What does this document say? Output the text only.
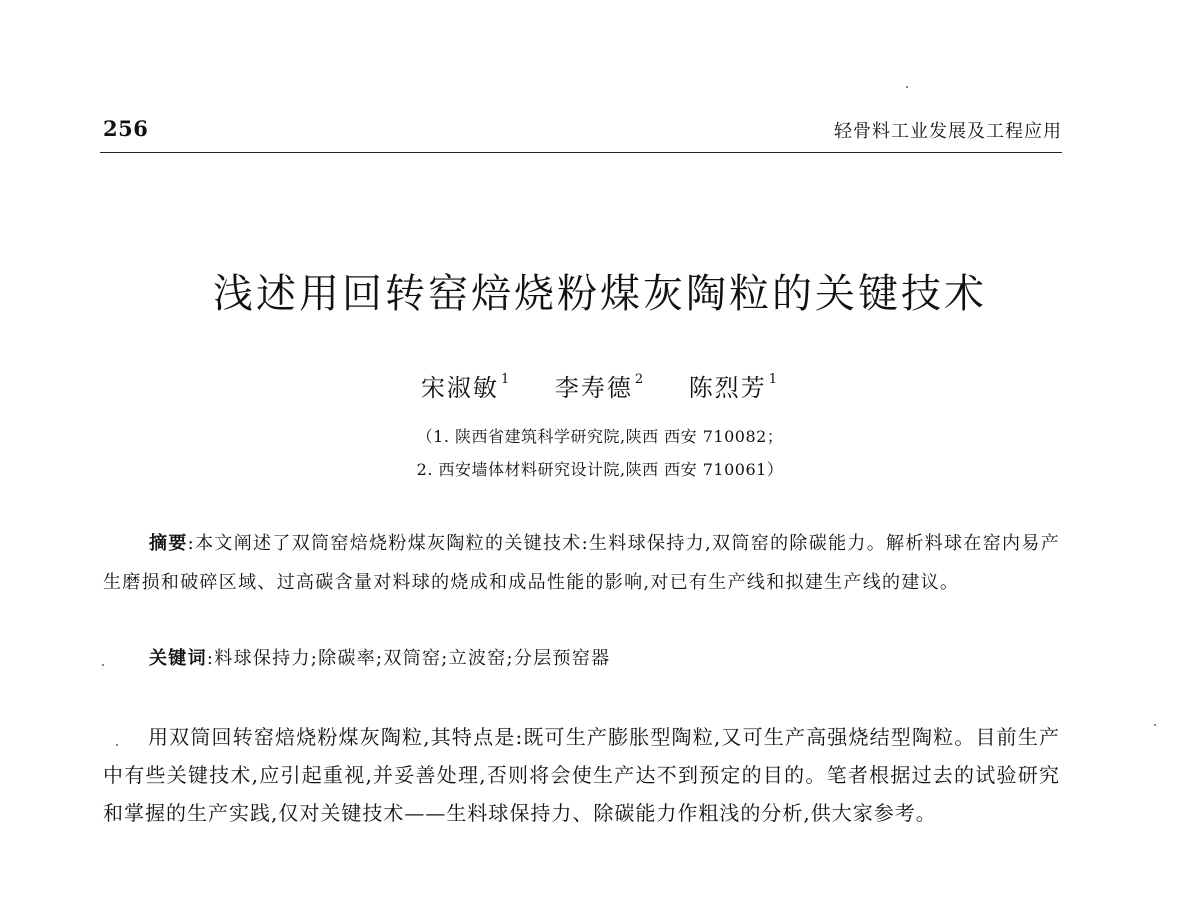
256	轻骨料工业发展及工程应用
浅述用回转窑焙烧粉煤灰陶粒的关键技术
宋淑敏 $^1$ 李寿德 $^2$ 陈烈芳 $^1$
（1. 陕西省建筑科学研究院,陕西 西安 710082；
2. 西安墙体材料研究设计院,陕西 西安 710061）
摘要:本文阐述了双筒窑焙烧粉煤灰陶粒的关键技术:生料球保持力,双筒窑的除碳能力。解析料球在窑内易产生磨损和破碎区域、过高碳含量对料球的烧成和成品性能的影响,对已有生产线和拟建生产线的建议。
关键词:料球保持力;除碳率;双筒窑;立波窑;分层预窑器
用双筒回转窑焙烧粉煤灰陶粒,其特点是:既可生产膨胀型陶粒,又可生产高强烧结型陶粒。目前生产中有些关键技术,应引起重视,并妥善处理,否则将会使生产达不到预定的目的。笔者根据过去的试验研究和掌握的生产实践,仅对关键技术——生料球保持力、除碳能力作粗浅的分析,供大家参考。
